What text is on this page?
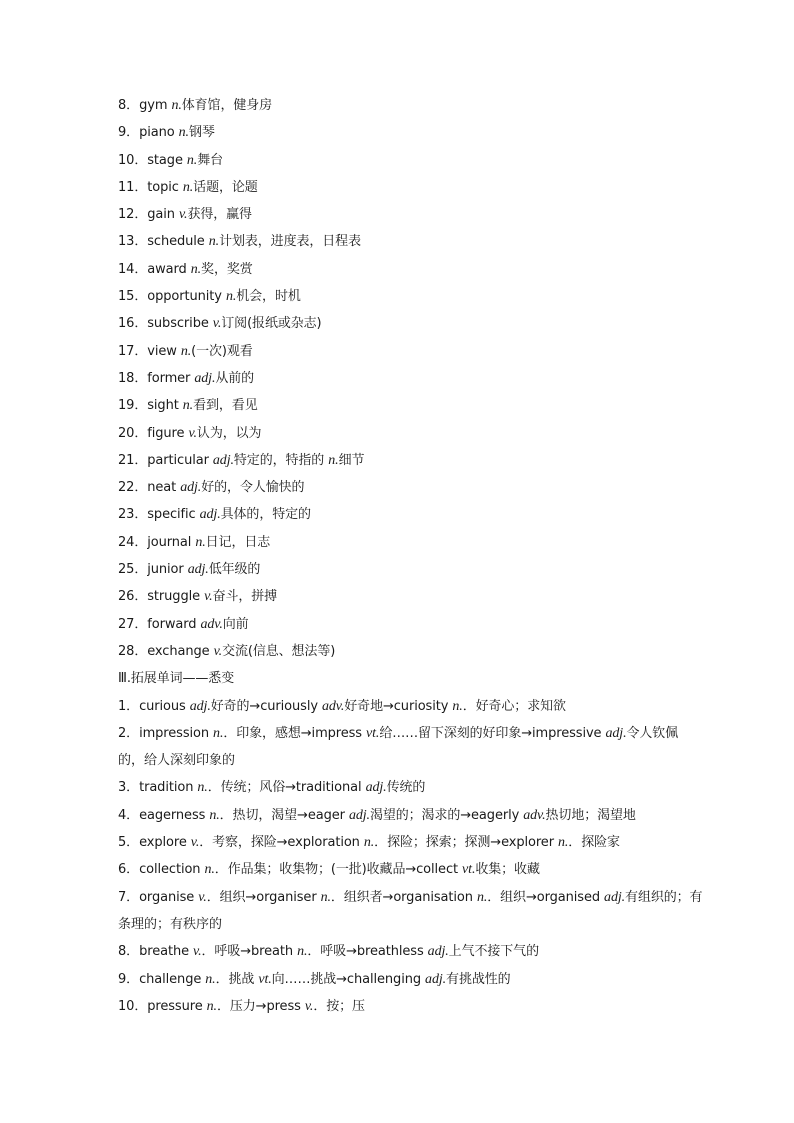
8．gym n.体育馆，健身房
9．piano n.钢琴
10．stage n.舞台
11．topic n.话题，论题
12．gain v.获得，赢得
13．schedule n.计划表，进度表，日程表
14．award n.奖，奖赏
15．opportunity n.机会，时机
16．subscribe v.订阅(报纸或杂志)
17．view n.(一次)观看
18．former adj.从前的
19．sight n.看到，看见
20．figure v.认为，以为
21．particular adj.特定的，特指的 n.细节
22．neat adj.好的，令人愉快的
23．specific adj.具体的，特定的
24．journal n.日记，日志
25．junior adj.低年级的
26．struggle v.奋斗，拼搏
27．forward adv.向前
28．exchange v.交流(信息、想法等)
Ⅲ.拓展单词——悉变
1．curious adj.好奇的→curiously adv.好奇地→curiosity n.．好奇心；求知欲
2．impression n.．印象，感想→impress vt.给……留下深刻的好印象→impressive adj.令人钦佩
的，给人深刻印象的
3．tradition n.．传统；风俗→traditional adj.传统的
4．eagerness n.．热切，渴望→eager adj.渴望的；渴求的→eagerly adv.热切地；渴望地
5．explore v.．考察，探险→exploration n.．探险；探索；探测→explorer n.．探险家
6．collection n.．作品集；收集物；(一批)收藏品→collect vt.收集；收藏
7．organise v.．组织→organiser n.．组织者→organisation n.．组织→organised adj.有组织的；有
条理的；有秩序的
8．breathe v.．呼吸→breath n.．呼吸→breathless adj.上气不接下气的
9．challenge n.．挑战 vt.向……挑战→challenging adj.有挑战性的
10．pressure n.．压力→press v.．按；压
